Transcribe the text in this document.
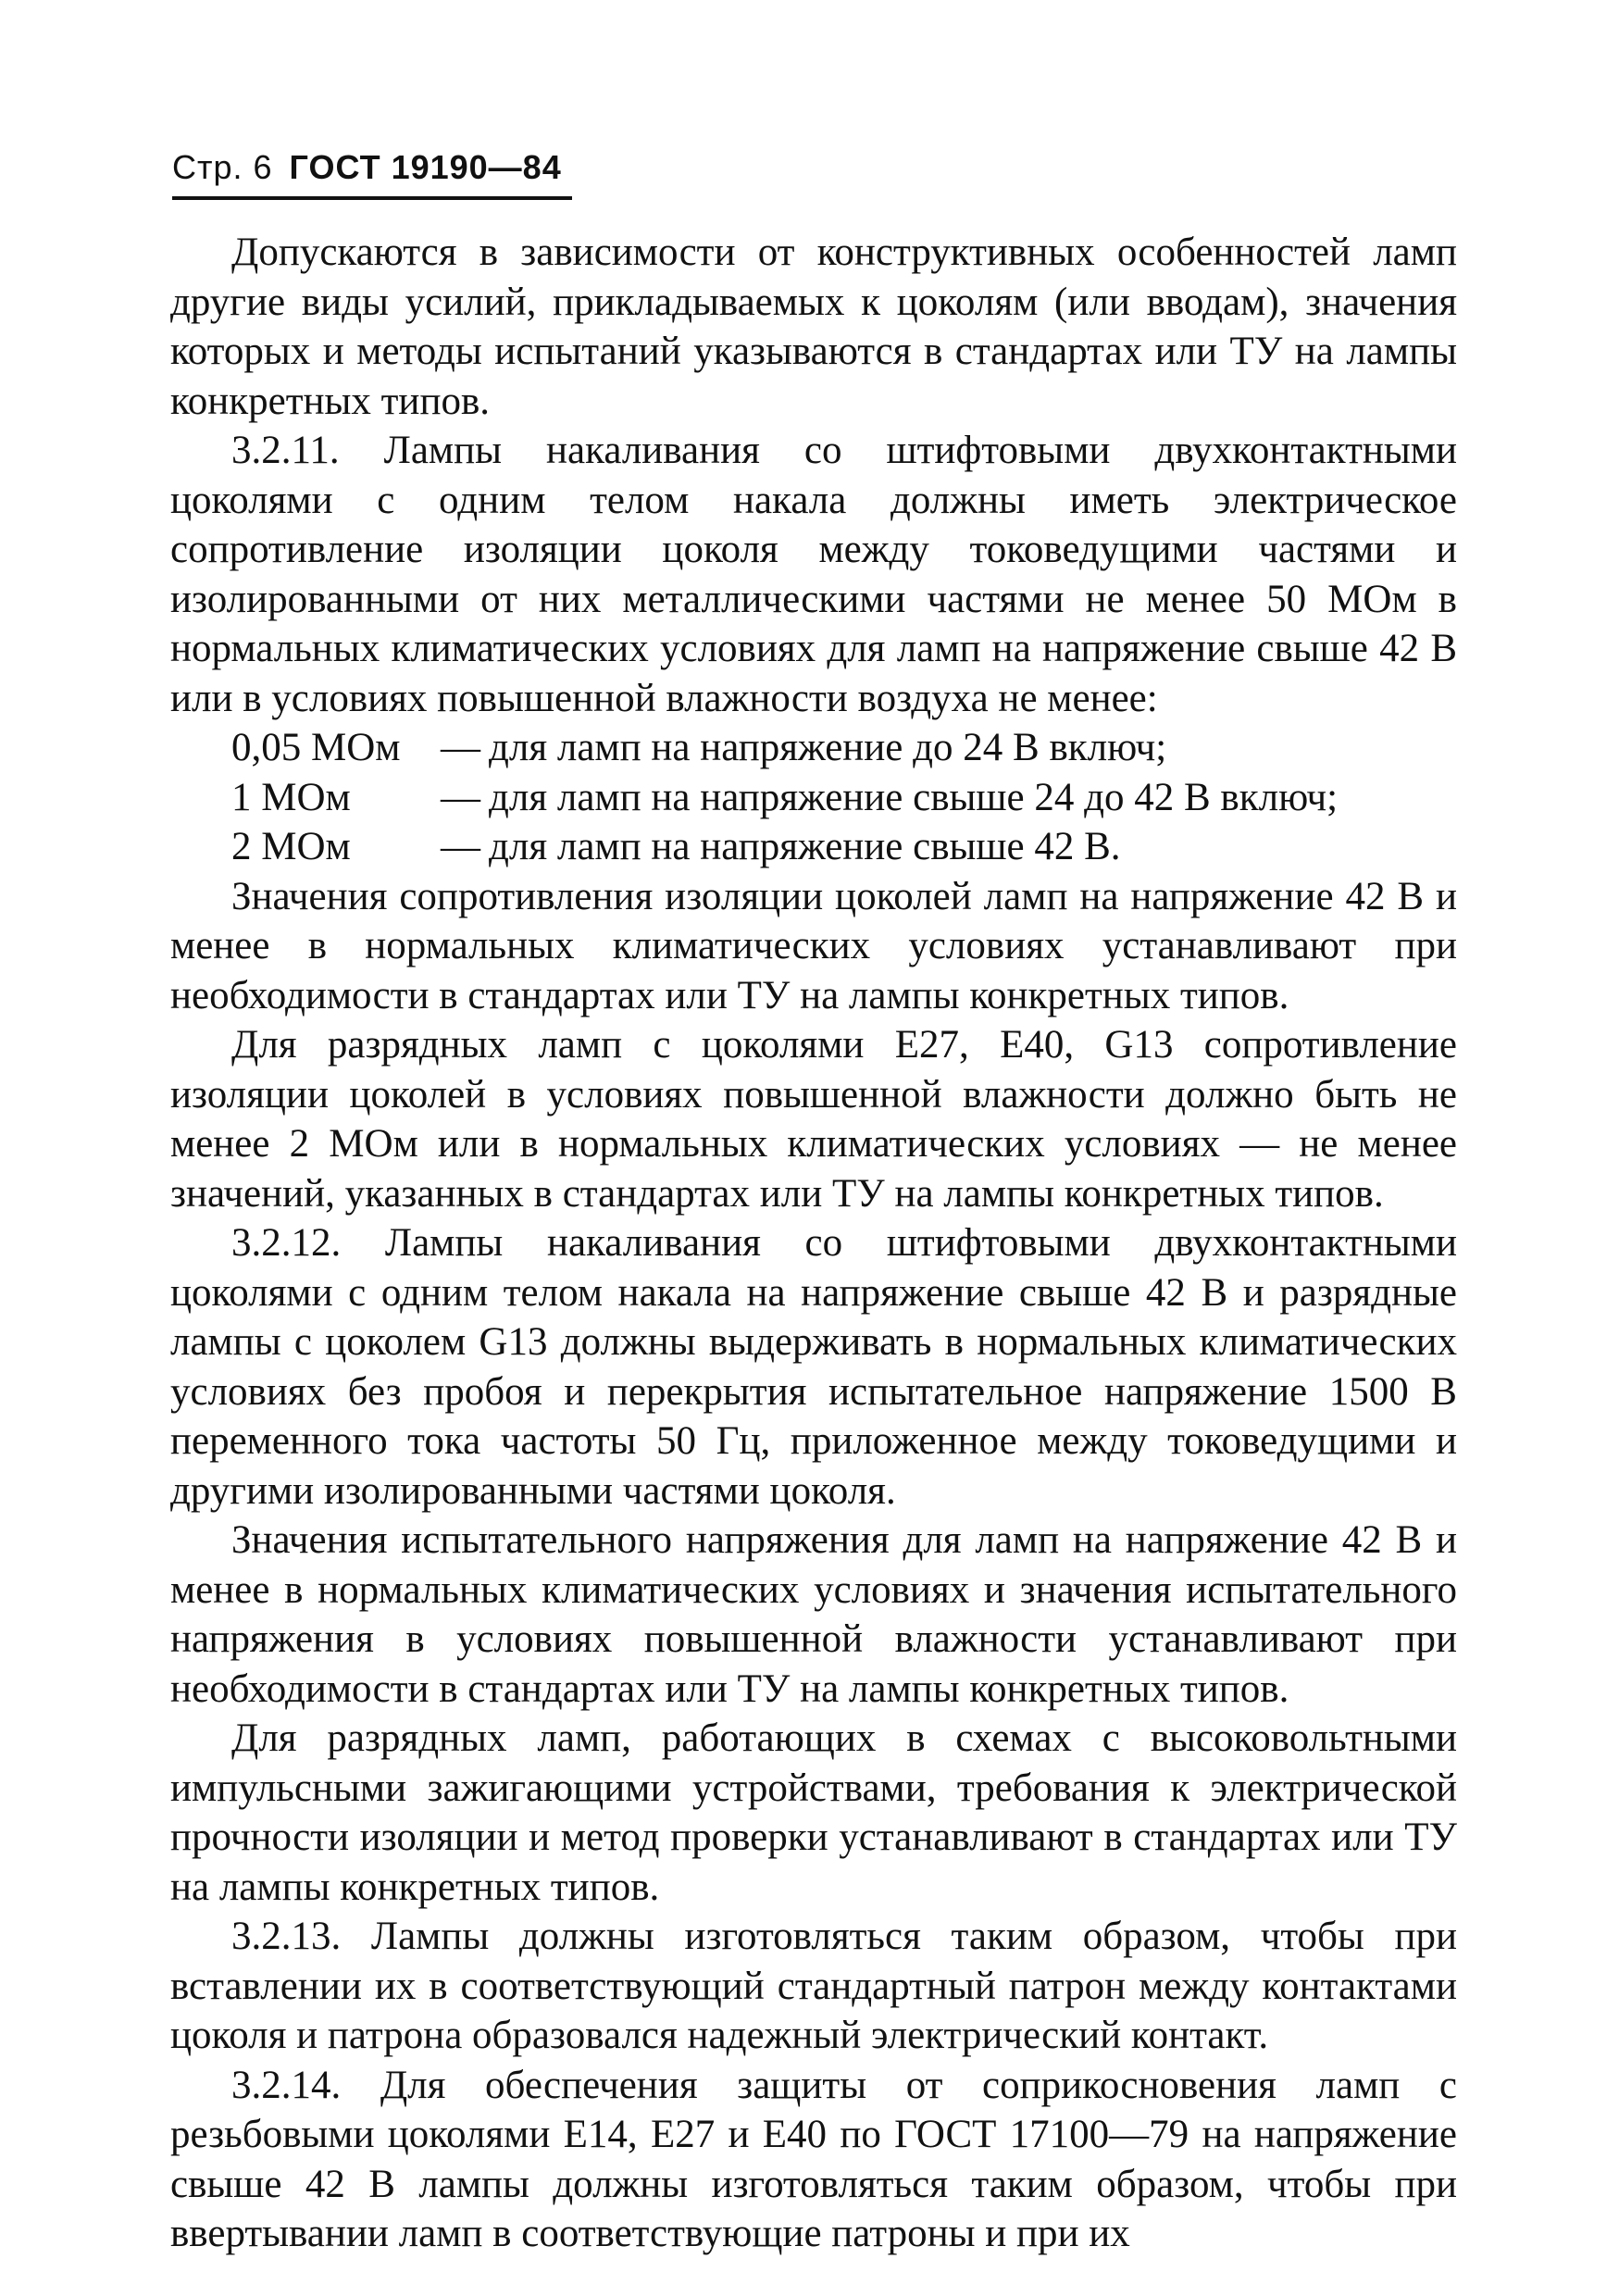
Стр. 6 ГОСТ 19190—84

Допускаются в зависимости от конструктивных особенностей ламп другие виды усилий, прикладываемых к цоколям (или вводам), значения которых и методы испытаний указываются в стандартах или ТУ на лампы конкретных типов.

3.2.11. Лампы накаливания со штифтовыми двухконтактными цоколями с одним телом накала должны иметь электрическое сопротивление изоляции цоколя между токоведущими частями и изолированными от них металлическими частями не менее 50 МОм в нормальных климатических условиях для ламп на напряжение свыше 42 В или в условиях повышенной влажности воздуха не менее:

0,05 МОм — для ламп на напряжение до 24 В включ;

1 МОм — для ламп на напряжение свыше 24 до 42 В включ;

2 МОм — для ламп на напряжение свыше 42 В.

Значения сопротивления изоляции цоколей ламп на напряжение 42 В и менее в нормальных климатических условиях устанавливают при необходимости в стандартах или ТУ на лампы конкретных типов.

Для разрядных ламп с цоколями E27, E40, G13 сопротивление изоляции цоколей в условиях повышенной влажности должно быть не менее 2 МОм или в нормальных климатических условиях — не менее значений, указанных в стандартах или ТУ на лампы конкретных типов.

3.2.12. Лампы накаливания со штифтовыми двухконтактными цоколями с одним телом накала на напряжение свыше 42 В и разрядные лампы с цоколем G13 должны выдерживать в нормальных климатических условиях без пробоя и перекрытия испытательное напряжение 1500 В переменного тока частоты 50 Гц, приложенное между токоведущими и другими изолированными частями цоколя.

Значения испытательного напряжения для ламп на напряжение 42 В и менее в нормальных климатических условиях и значения испытательного напряжения в условиях повышенной влажности устанавливают при необходимости в стандартах или ТУ на лампы конкретных типов.

Для разрядных ламп, работающих в схемах с высоковольтными импульсными зажигающими устройствами, требования к электрической прочности изоляции и метод проверки устанавливают в стандартах или ТУ на лампы конкретных типов.

3.2.13. Лампы должны изготовляться таким образом, чтобы при вставлении их в соответствующий стандартный патрон между контактами цоколя и патрона образовался надежный электрический контакт.

3.2.14. Для обеспечения защиты от соприкосновения ламп с резьбовыми цоколями E14, E27 и E40 по ГОСТ 17100—79 на напряжение свыше 42 В лампы должны изготовляться таким образом, чтобы при ввертывании ламп в соответствующие патроны и при их
